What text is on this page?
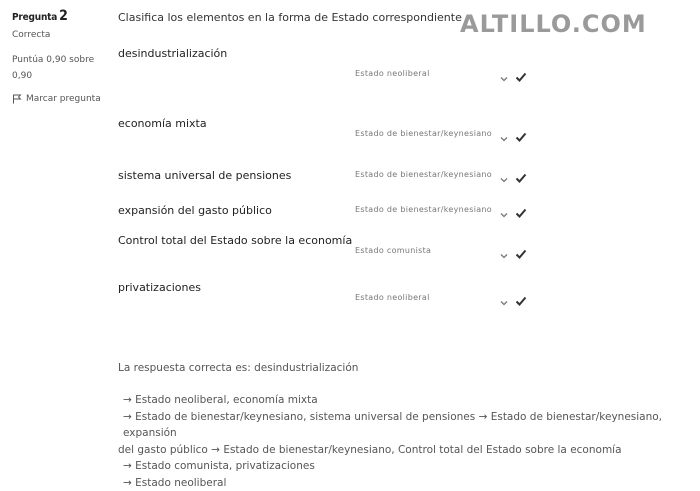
Pregunta 2
Correcta
Puntúa 0,90 sobre
0,90
Marcar pregunta
Clasifica los elementos en la forma de Estado correspondiente
ALTILLO.COM
desindustrialización
Estado neoliberal
economía mixta
Estado de bienestar/keynesiano
sistema universal de pensiones	Estado de bienestar/keynesiano
expansión del gasto público	Estado de bienestar/keynesiano
Control total del Estado sobre la economía
Estado comunista
privatizaciones
Estado neoliberal
La respuesta correcta es: desindustrialización
→ Estado neoliberal, economía mixta
→ Estado de bienestar/keynesiano, sistema universal de pensiones → Estado de bienestar/keynesiano, expansión
del gasto público → Estado de bienestar/keynesiano, Control total del Estado sobre la economía
→ Estado comunista, privatizaciones
→ Estado neoliberal
